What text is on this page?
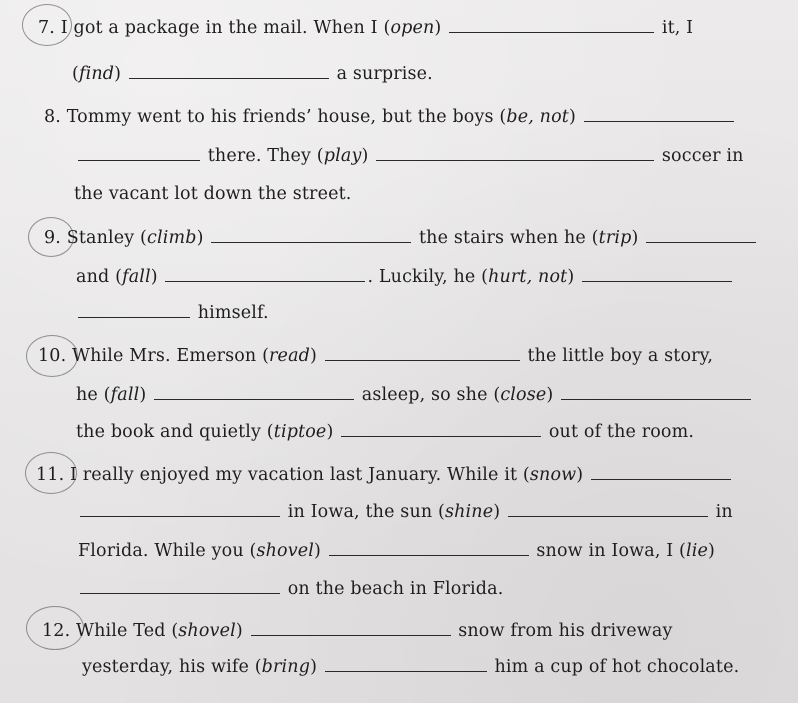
7. I got a package in the mail. When I (open)	it, I
(find)	a surprise.
8. Tommy went to his friends’ house, but the boys (be, not)
there. They (play)	soccer in
the vacant lot down the street.
9. Stanley (climb)	the stairs when he (trip)
and (fall)	. Luckily, he (hurt, not)
himself.
10. While Mrs. Emerson (read)	the little boy a story,
he (fall)	asleep, so she (close)
the book and quietly (tiptoe)	out of the room.
11. I really enjoyed my vacation last January. While it (snow)
in Iowa, the sun (shine)	in
Florida. While you (shovel)	snow in Iowa, I (lie)
on the beach in Florida.
12. While Ted (shovel)	snow from his driveway
yesterday, his wife (bring)	him a cup of hot chocolate.
